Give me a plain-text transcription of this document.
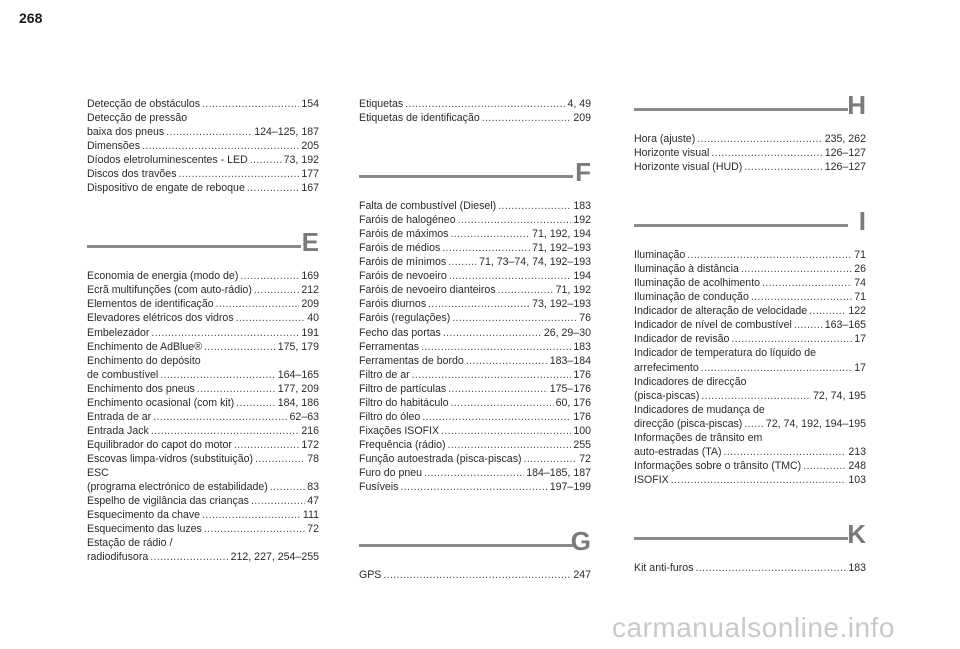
268
Detecção de obstáculos . . .	154
Detecção de pressão
baixa dos pneus . . .	124–125, 187
Dimensões . . .	205
Díodos eletroluminescentes - LED . . .	73, 192
Discos dos travões . . .	177
Dispositivo de engate de reboque . . .	167
E
Economia de energia (modo de) . . .	169
Ecrã multifunções (com auto-rádio) . . .	212
Elementos de identificação . . .	209
Elevadores elétricos dos vidros . . .	40
Embelezador . . .	191
Enchimento de AdBlue® . . .	175, 179
Enchimento do depósito
de combustível . . .	164–165
Enchimento dos pneus . . .	177, 209
Enchimento ocasional (com kit) . . .	184, 186
Entrada de ar . . .	62–63
Entrada Jack . . .	216
Equilibrador do capot do motor . . .	172
Escovas limpa-vidros (substituição) . . .	78
ESC
(programa electrónico de estabilidade) . . .	83
Espelho de vigilância das crianças . . .	47
Esquecimento da chave . . .	111
Esquecimento das luzes . . .	72
Estação de rádio /
radiodifusora . . .	212, 227, 254–255
Etiquetas . . .	4, 49
Etiquetas de identificação . . .	209
F
Falta de combustível (Diesel) . . .	183
Faróis de halogéneo . . .	192
Faróis de máximos . . .	71, 192, 194
Faróis de médios . . .	71, 192–193
Faróis de mínimos . . .	71, 73–74, 74, 192–193
Faróis de nevoeiro . . .	194
Faróis de nevoeiro dianteiros . . .	71, 192
Faróis diurnos . . .	73, 192–193
Faróis (regulações) . . .	76
Fecho das portas . . .	26, 29–30
Ferramentas . . .	183
Ferramentas de bordo . . .	183–184
Filtro de ar . . .	176
Filtro de partículas . . .	175–176
Filtro do habitáculo . . .	60, 176
Filtro do óleo . . .	176
Fixações ISOFIX . . .	100
Frequência (rádio) . . .	255
Função autoestrada (pisca-piscas) . . .	72
Furo do pneu . . .	184–185, 187
Fusíveis . . .	197–199
G
GPS . . .	247
H
Hora (ajuste) . . .	235, 262
Horizonte visual . . .	126–127
Horizonte visual (HUD) . . .	126–127
I
Iluminação . . .	71
Iluminação à distância . . .	26
Iluminação de acolhimento . . .	74
Iluminação de condução . . .	71
Indicador de alteração de velocidade . . .	122
Indicador de nível de combustível . . .	163–165
Indicador de revisão . . .	17
Indicador de temperatura do líquido de
arrefecimento . . .	17
Indicadores de direcção
(pisca-piscas) . . .	72, 74, 195
Indicadores de mudança de
direcção (pisca-piscas) . . . 72, 74, 192, 194–195
Informações de trânsito em
auto-estradas (TA) . . .	213
Informações sobre o trânsito (TMC) . . .	248
ISOFIX . . .	103
K
Kit anti-furos . . .	183
carmanualsonline.info
